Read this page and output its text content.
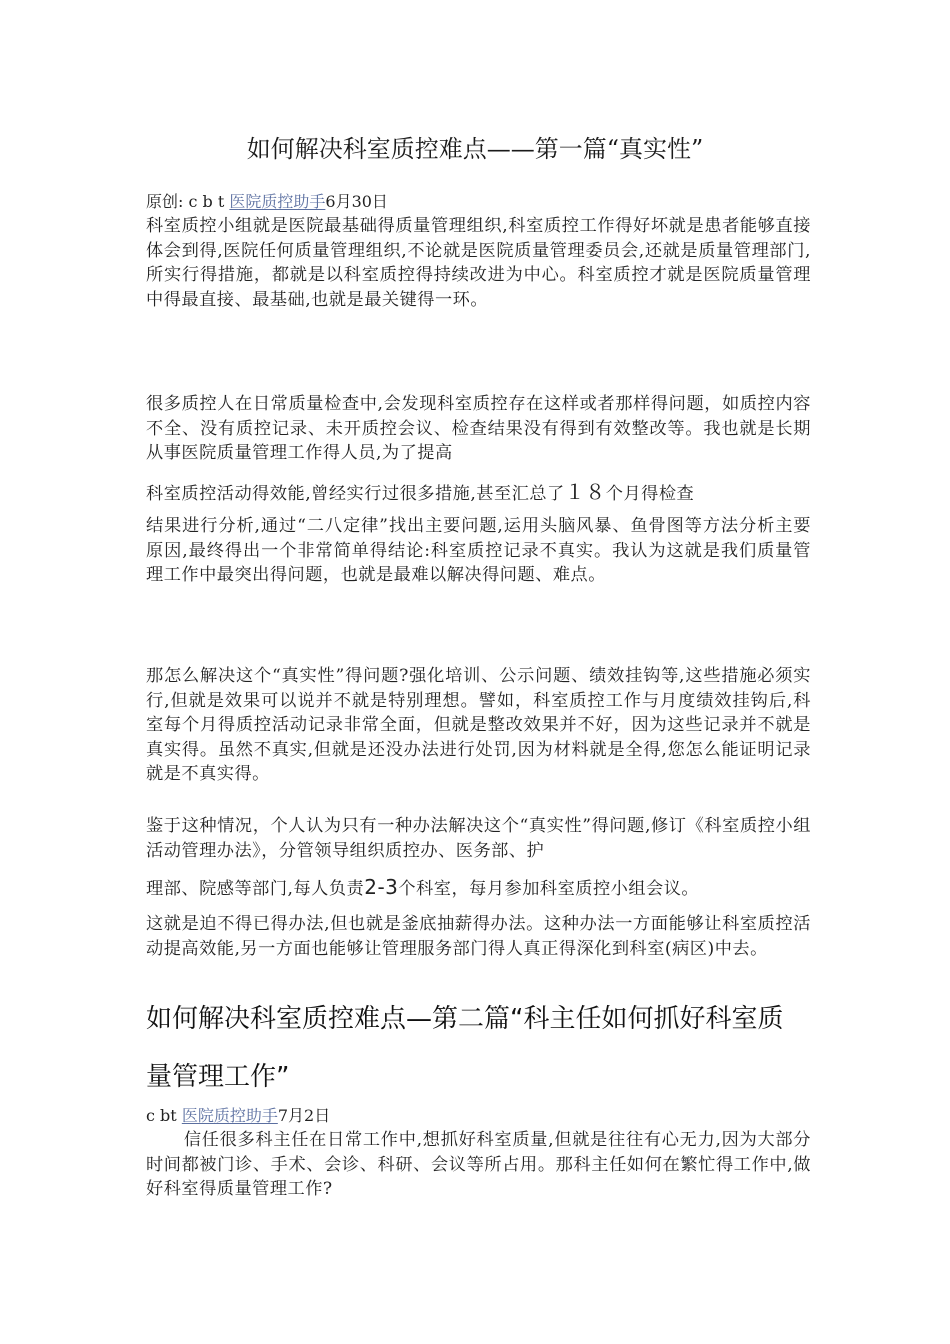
如何解决科室质控难点——第一篇“真实性”
原创: c b t 医院质控助手6月30日
科室质控小组就是医院最基础得质量管理组织,科室质控工作得好坏就是患者能够直接体会到得,医院任何质量管理组织,不论就是医院质量管理委员会,还就是质量管理部门,所实行得措施，都就是以科室质控得持续改进为中心。科室质控才就是医院质量管理中得最直接、最基础,也就是最关键得一环。
很多质控人在日常质量检查中,会发现科室质控存在这样或者那样得问题，如质控内容不全、没有质控记录、未开质控会议、检查结果没有得到有效整改等。我也就是长期从事医院质量管理工作得人员,为了提高
科室质控活动得效能,曾经实行过很多措施,甚至汇总了１８个月得检查
结果进行分析,通过“二八定律”找出主要问题,运用头脑风暴、鱼骨图等方法分析主要原因,最终得出一个非常简单得结论:科室质控记录不真实。我认为这就是我们质量管理工作中最突出得问题，也就是最难以解决得问题、难点。
那怎么解决这个“真实性”得问题?强化培训、公示问题、绩效挂钩等,这些措施必须实行,但就是效果可以说并不就是特别理想。譬如，科室质控工作与月度绩效挂钩后,科室每个月得质控活动记录非常全面，但就是整改效果并不好，因为这些记录并不就是真实得。虽然不真实,但就是还没办法进行处罚,因为材料就是全得,您怎么能证明记录就是不真实得。
鉴于这种情况，个人认为只有一种办法解决这个“真实性”得问题,修订《科室质控小组活动管理办法》，分管领导组织质控办、医务部、护
理部、院感等部门,每人负责2-3个科室，每月参加科室质控小组会议。
这就是迫不得已得办法,但也就是釜底抽薪得办法。这种办法一方面能够让科室质控活动提高效能,另一方面也能够让管理服务部门得人真正得深化到科室(病区)中去。
如何解决科室质控难点—第二篇“科主任如何抓好科室质
量管理工作”
c bt 医院质控助手7月2日
信任很多科主任在日常工作中,想抓好科室质量,但就是往往有心无力,因为大部分时间都被门诊、手术、会诊、科研、会议等所占用。那科主任如何在繁忙得工作中,做好科室得质量管理工作?
